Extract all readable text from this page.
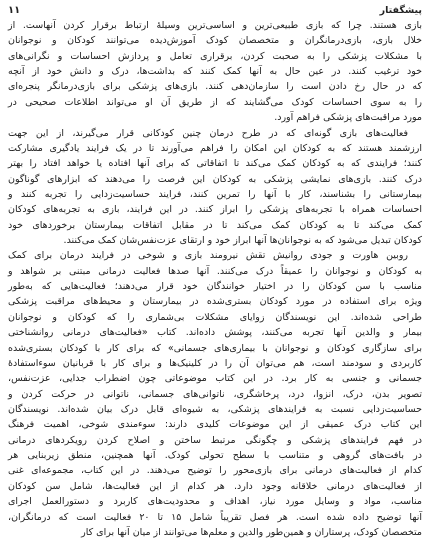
پیشگفتار
۱۱
بازی هستند. چرا که بازی طبیعی‌ترین و اساسی‌ترین وسیلهٔ ارتباط برقرار کردن آنهاست. از
خلال بازی، بازی‌درمانگران و متخصصان کودک آموزش‌دیده می‌توانند کودکان و نوجوانان
با مشکلات پزشکی را به صحبت کردن، برقراری تعامل و پردازش احساسات و نگرانی‌های
خود ترغیب کنند. در عین حال به آنها کمک کنند که بداشت‌ها، درک و دانش خود از آنچه
که در حال رخ دادن است را سازمان‌دهی کنند. بازی‌های پزشکی برای بازی‌درمانگر پنجره‌ای
را به سوی احساسات کودک می‌گشایند که از طریق آن او می‌تواند اطلاعات صحیحی در
مورد مراقبت‌های پزشکی فراهم آورد.
فعالیت‌های بازی گونه‌ای که در طرح درمان چنین کودکانی قرار می‌گیرند، از این جهت
ارزشمند هستند که به کودکان این امکان را فراهم می‌آورند تا در یک فرایند یادگیری مشارکت
کنند؛ فرایندی که به کودکان کمک می‌کند تا اتفاقاتی که برای آنها افتاده یا خواهد افتاد را بهتر
درک کنند. بازی‌های نمایشی پزشکی به کودکان این فرصت را می‌دهند که ابزارهای گوناگون
بیمارستانی را بشناسند، کار با آنها را تمرین کنند، فرایند حساسیت‌زدایی را تجربه کنند و
احساسات همراه با تجربه‌های پزشکی را ابراز کنند. در این فرایند، بازی به تجربه‌های کودکان
کمک می‌کند تا به کودکان کمک می‌کند تا در مقابل اتفاقات بیمارستان برخوردهای خود
کودکان تبدیل می‌شود که به نوجوانان‌ها آنها ابراز خود و ارتقای عزت‌نفس‌شان کمک می‌کنند.
روبین هاورت و جودی روانیش تقش نیرومند بازی و شوخی در فرایند درمان برای کمک
به کودکان و نوجوانان را عمیقاً درک می‌کنند. آنها صدها فعالیت درمانی مبتنی بر شواهد و
مناسب با سن کودکان را در اختیار خوانندگان خود قرار می‌دهند؛ فعالیت‌هایی که به‌طور
ویژه برای استفاده در مورد کودکان بستری‌شده در بیمارستان و محیط‌های مراقبت پزشکی
طراحی شده‌اند. این نویسندگان زوایای مشکلات بی‌شماری را که کودکان و نوجوانان
بیمار و والدین آنها تجربه می‌کنند، پوشش داده‌اند. کتاب «فعالیت‌های درمانی روانشناختی
برای سازگاری کودکان و نوجوانان با بیماری‌های جسمانی» که برای کار با کودکان بستری‌شده
کاربردی و سودمند است، هم می‌توان آن را در کلینیک‌ها و برای کار با قربانیان سوءاستفادهٔ
جسمانی و جنسی به کار برد. در این کتاب موضوعاتی چون اضطراب جدایی، عزت‌نفس،
تصویر بدن، درک، انزوا، درد، پرخاشگری، ناتوانی‌های جسمانی، ناتوانی در حرکت کردن و
حساسیت‌زدایی نسبت به فرایندهای پزشکی، به شیوه‌ای قابل درک بیان شده‌اند. نویسندگان
این کتاب درک عمیقی از این موضوعات کلیدی دارند: سوءمندی شوخی، اهمیت فرهنگ
در فهم فرایندهای پزشکی و چگونگی مرتبط ساختن و اصلاح کردن رویکردهای درمانی
در بافت‌های گروهی و متناسب با سطح تحولی کودک. آنها همچنین، منطق زیربنایی هر
کدام از فعالیت‌های درمانی برای بازی‌محور را توضیح می‌دهند. در این کتاب، مجموعه‌ای غنی
از فعالیت‌های درمانی خلاقانه وجود دارد. هر کدام از این فعالیت‌ها، شامل سن کودکان
مناسب، مواد و وسایل مورد نیاز، اهداف و محدودیت‌های کاربرد و دستورالعمل اجرای
آنها توضیح داده شده است. هر فصل تقریباً شامل ۱۵ تا ۲۰ فعالیت است که درمانگران،
متخصصان کودک، پرستاران و همین‌طور والدین و معلم‌ها می‌توانند از میان آنها برای کار
